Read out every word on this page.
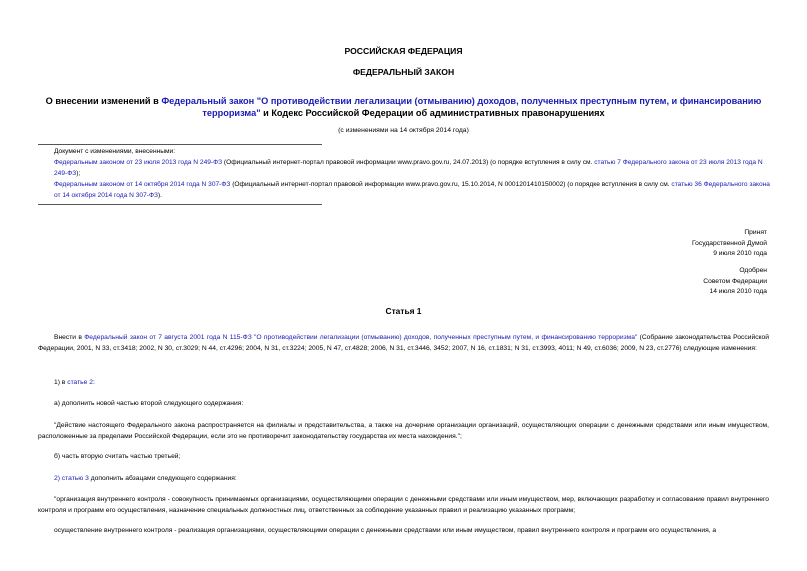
РОССИЙСКАЯ ФЕДЕРАЦИЯ
ФЕДЕРАЛЬНЫЙ ЗАКОН
О внесении изменений в Федеральный закон "О противодействии легализации (отмыванию) доходов, полученных преступным путем, и финансированию терроризма" и Кодекс Российской Федерации об административных правонарушениях
(с изменениями на 14 октября 2014 года)

Документ с изменениями, внесенными:

Федеральным законом от 23 июля 2013 года N 249-ФЗ (Официальный интернет-портал правовой информации www.pravo.gov.ru, 24.07.2013) (о порядке вступления в силу см. статью 7 Федерального закона от 23 июля 2013 года N 249-ФЗ);

Федеральным законом от 14 октября 2014 года N 307-ФЗ (Официальный интернет-портал правовой информации www.pravo.gov.ru, 15.10.2014, N 0001201410150002) (о порядке вступления в силу см. статью 36 Федерального закона от 14 октября 2014 года N 307-ФЗ).

Принят
Государственной Думой
9 июля 2010 года
Одобрен
Советом Федерации
14 июля 2010 года
Статья 1

Внести в Федеральный закон от 7 августа 2001 года N 115-ФЗ "О противодействии легализации (отмыванию) доходов, полученных преступным путем, и финансированию терроризма" (Собрание законодательства Российской Федерации, 2001, N 33, ст.3418; 2002, N 30, ст.3029; N 44, ст.4296; 2004, N 31, ст.3224; 2005, N 47, ст.4828; 2006, N 31, ст.3446, 3452; 2007, N 16, ст.1831; N 31, ст.3993, 4011; N 49, ст.6036; 2009, N 23, ст.2776) следующие изменения:

1) в статье 2:

а) дополнить новой частью второй следующего содержания:

"Действие настоящего Федерального закона распространяется на филиалы и представительства, а также на дочерние организации организаций, осуществляющих операции с денежными средствами или иным имуществом, расположенные за пределами Российской Федерации, если это не противоречит законодательству государства их места нахождения.";

б) часть вторую считать частью третьей;

2) статью 3 дополнить абзацами следующего содержания:

"организация внутреннего контроля - совокупность принимаемых организациями, осуществляющими операции с денежными средствами или иным имуществом, мер, включающих разработку и согласование правил внутреннего контроля и программ его осуществления, назначение специальных должностных лиц, ответственных за соблюдение указанных правил и реализацию указанных программ;

осуществление внутреннего контроля - реализация организациями, осуществляющими операции с денежными средствами или иным имуществом, правил внутреннего контроля и программ его осуществления, а
